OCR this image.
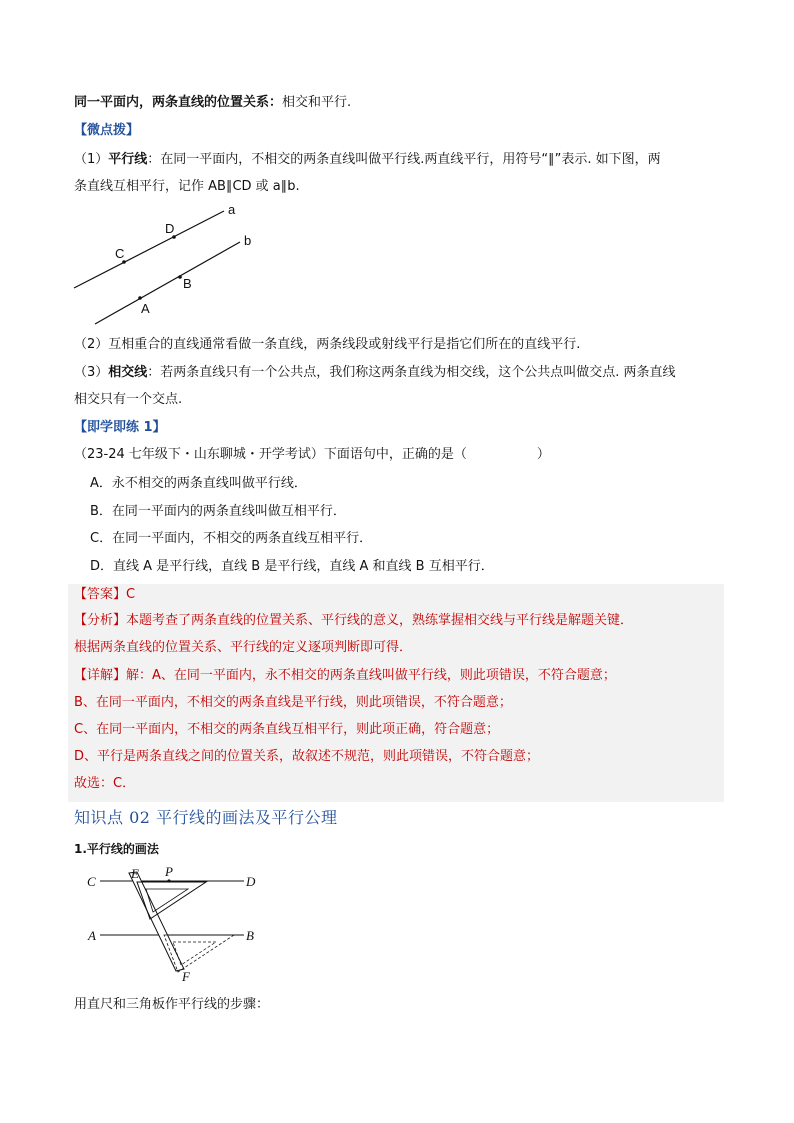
同一平面内，两条直线的位置关系：相交和平行.
【微点拨】
（1）平行线：在同一平面内，不相交的两条直线叫做平行线.两直线平行，用符号“∥”表示. 如下图，两
条直线互相平行，记作 AB∥CD 或 a∥b.
a
b
C
D
A
B
（2）互相重合的直线通常看做一条直线，两条线段或射线平行是指它们所在的直线平行.
（3）相交线：若两条直线只有一个公共点，我们称这两条直线为相交线，这个公共点叫做交点. 两条直线
相交只有一个交点.
【即学即练 1】
（23-24 七年级下・山东聊城・开学考试）下面语句中，正确的是（	）
A．永不相交的两条直线叫做平行线．
B．在同一平面内的两条直线叫做互相平行．
C．在同一平面内，不相交的两条直线互相平行．
D．直线 A 是平行线，直线 B 是平行线，直线 A 和直线 B 互相平行．
【答案】C
【分析】本题考查了两条直线的位置关系、平行线的意义，熟练掌握相交线与平行线是解题关键．
根据两条直线的位置关系、平行线的定义逐项判断即可得．
【详解】解：A、在同一平面内，永不相交的两条直线叫做平行线，则此项错误，不符合题意；
B、在同一平面内，不相交的两条直线是平行线，则此项错误，不符合题意；
C、在同一平面内，不相交的两条直线互相平行，则此项正确，符合题意；
D、平行是两条直线之间的位置关系，故叙述不规范，则此项错误，不符合题意；
故选：C．
知识点 02 平行线的画法及平行公理
1.平行线的画法
C
E P
D
A	B
F
用直尺和三角板作平行线的步骤：
